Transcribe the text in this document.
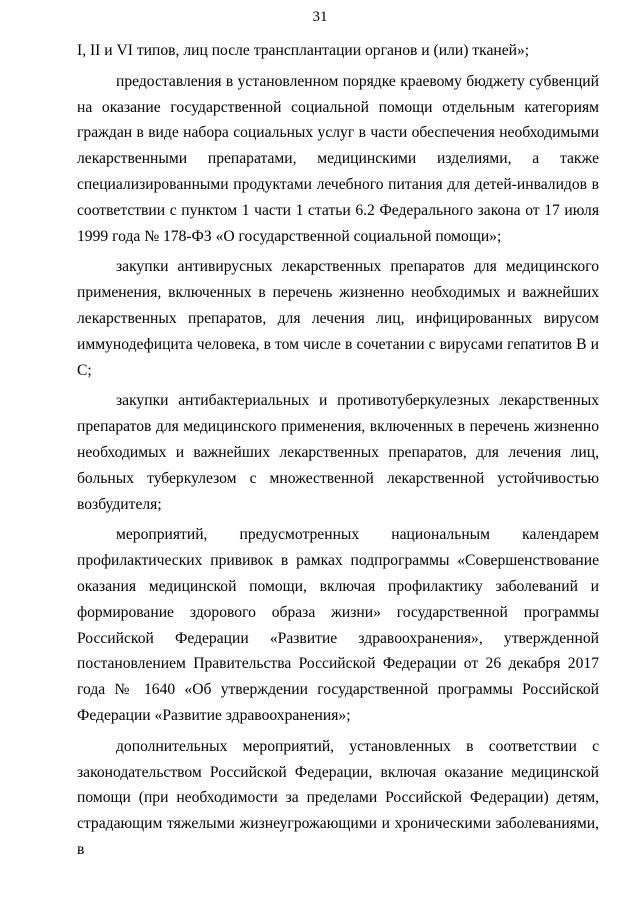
31

I, II и VI типов, лиц после трансплантации органов и (или) тканей»;

предоставления в установленном порядке краевому бюджету субвенций на оказание государственной социальной помощи отдельным категориям граждан в виде набора социальных услуг в части обеспечения необходимыми лекарственными препаратами, медицинскими изделиями, а также специализированными продуктами лечебного питания для детей-инвалидов в соответствии с пунктом 1 части 1 статьи 6.2 Федерального закона от 17 июля 1999 года № 178-ФЗ «О государственной социальной помощи»;

закупки антивирусных лекарственных препаратов для медицинского применения, включенных в перечень жизненно необходимых и важнейших лекарственных препаратов, для лечения лиц, инфицированных вирусом иммунодефицита человека, в том числе в сочетании с вирусами гепатитов B и C;

закупки антибактериальных и противотуберкулезных лекарственных препаратов для медицинского применения, включенных в перечень жизненно необходимых и важнейших лекарственных препаратов, для лечения лиц, больных туберкулезом с множественной лекарственной устойчивостью возбудителя;

мероприятий, предусмотренных национальным календарем профилактических прививок в рамках подпрограммы «Совершенствование оказания медицинской помощи, включая профилактику заболеваний и формирование здорового образа жизни» государственной программы Российской Федерации «Развитие здравоохранения», утвержденной постановлением Правительства Российской Федерации от 26 декабря 2017 года № 1640 «Об утверждении государственной программы Российской Федерации «Развитие здравоохранения»;

дополнительных мероприятий, установленных в соответствии с законодательством Российской Федерации, включая оказание медицинской помощи (при необходимости за пределами Российской Федерации) детям, страдающим тяжелыми жизнеугрожающими и хроническими заболеваниями, в
